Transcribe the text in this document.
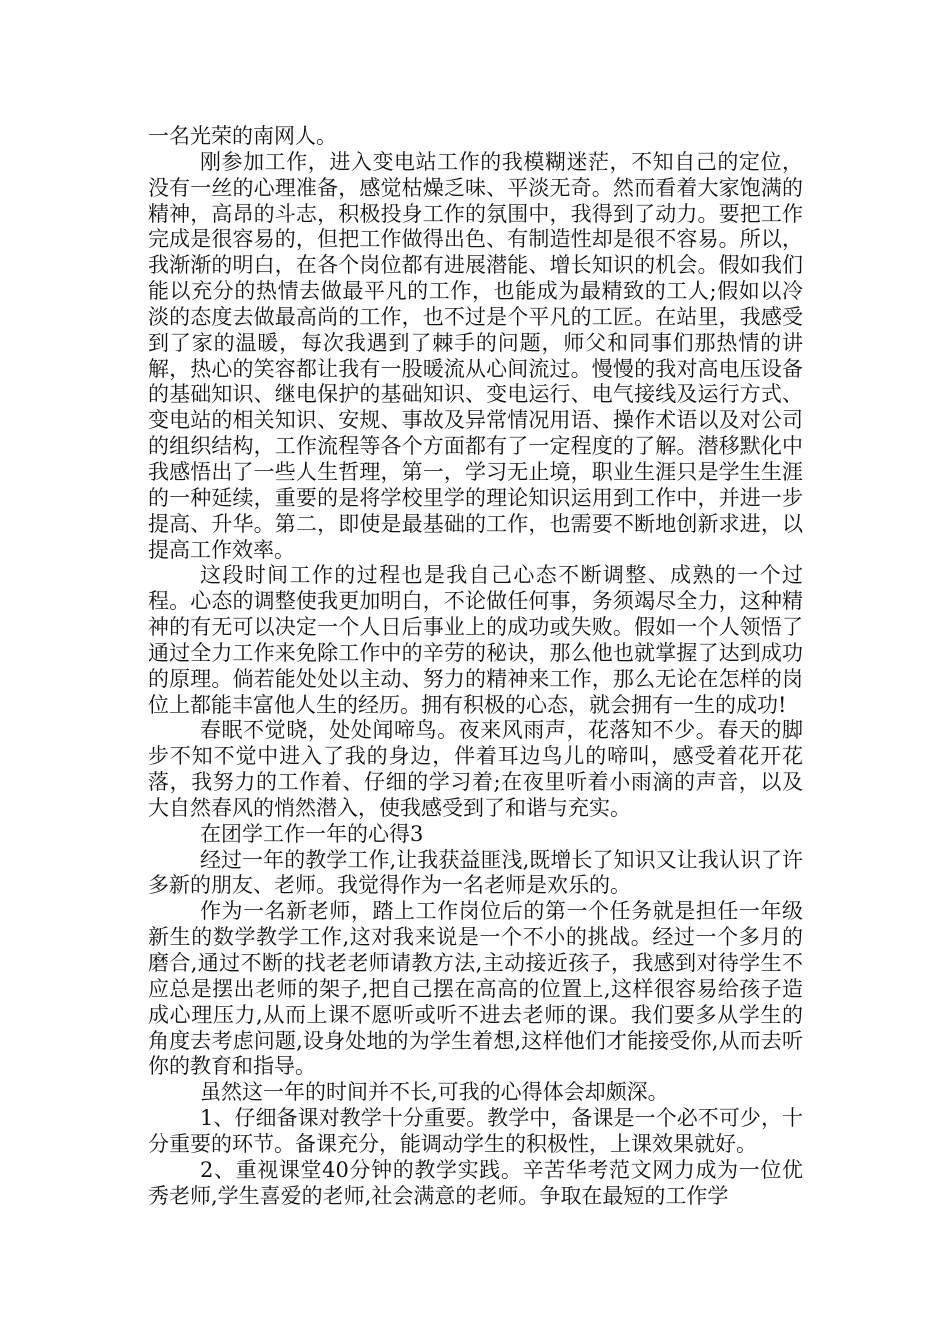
一名光荣的南网人。

刚参加工作，进入变电站工作的我模糊迷茫，不知自己的定位，没有一丝的心理准备，感觉枯燥乏味、平淡无奇。然而看着大家饱满的精神，高昂的斗志，积极投身工作的氛围中，我得到了动力。要把工作完成是很容易的，但把工作做得出色、有制造性却是很不容易。所以，我渐渐的明白，在各个岗位都有进展潜能、增长知识的机会。假如我们能以充分的热情去做最平凡的工作，也能成为最精致的工人;假如以冷淡的态度去做最高尚的工作，也不过是个平凡的工匠。在站里，我感受到了家的温暖，每次我遇到了棘手的问题，师父和同事们那热情的讲解，热心的笑容都让我有一股暖流从心间流过。慢慢的我对高电压设备的基础知识、继电保护的基础知识、变电运行、电气接线及运行方式、变电站的相关知识、安规、事故及异常情况用语、操作术语以及对公司的组织结构，工作流程等各个方面都有了一定程度的了解。潜移默化中我感悟出了一些人生哲理，第一，学习无止境，职业生涯只是学生生涯的一种延续，重要的是将学校里学的理论知识运用到工作中，并进一步提高、升华。第二，即使是最基础的工作，也需要不断地创新求进，以提高工作效率。

这段时间工作的过程也是我自己心态不断调整、成熟的一个过程。心态的调整使我更加明白，不论做任何事，务须竭尽全力，这种精神的有无可以决定一个人日后事业上的成功或失败。假如一个人领悟了通过全力工作来免除工作中的辛劳的秘诀，那么他也就掌握了达到成功的原理。倘若能处处以主动、努力的精神来工作，那么无论在怎样的岗位上都能丰富他人生的经历。拥有积极的心态，就会拥有一生的成功!

春眠不觉晓，处处闻啼鸟。夜来风雨声，花落知不少。春天的脚步不知不觉中进入了我的身边，伴着耳边鸟儿的啼叫，感受着花开花落，我努力的工作着、仔细的学习着;在夜里听着小雨滴的声音，以及大自然春风的悄然潜入，使我感受到了和谐与充实。

在团学工作一年的心得3

经过一年的教学工作,让我获益匪浅,既增长了知识又让我认识了许多新的朋友、老师。我觉得作为一名老师是欢乐的。

作为一名新老师，踏上工作岗位后的第一个任务就是担任一年级新生的数学教学工作,这对我来说是一个不小的挑战。经过一个多月的磨合,通过不断的找老老师请教方法,主动接近孩子，我感到对待学生不应总是摆出老师的架子,把自己摆在高高的位置上,这样很容易给孩子造成心理压力,从而上课不愿听或听不进去老师的课。我们要多从学生的角度去考虑问题,设身处地的为学生着想,这样他们才能接受你,从而去听你的教育和指导。

虽然这一年的时间并不长,可我的心得体会却颇深。

1、仔细备课对教学十分重要。教学中，备课是一个必不可少，十分重要的环节。备课充分，能调动学生的积极性，上课效果就好。

2、重视课堂40分钟的教学实践。辛苦华考范文网力成为一位优秀老师,学生喜爱的老师,社会满意的老师。争取在最短的工作学
